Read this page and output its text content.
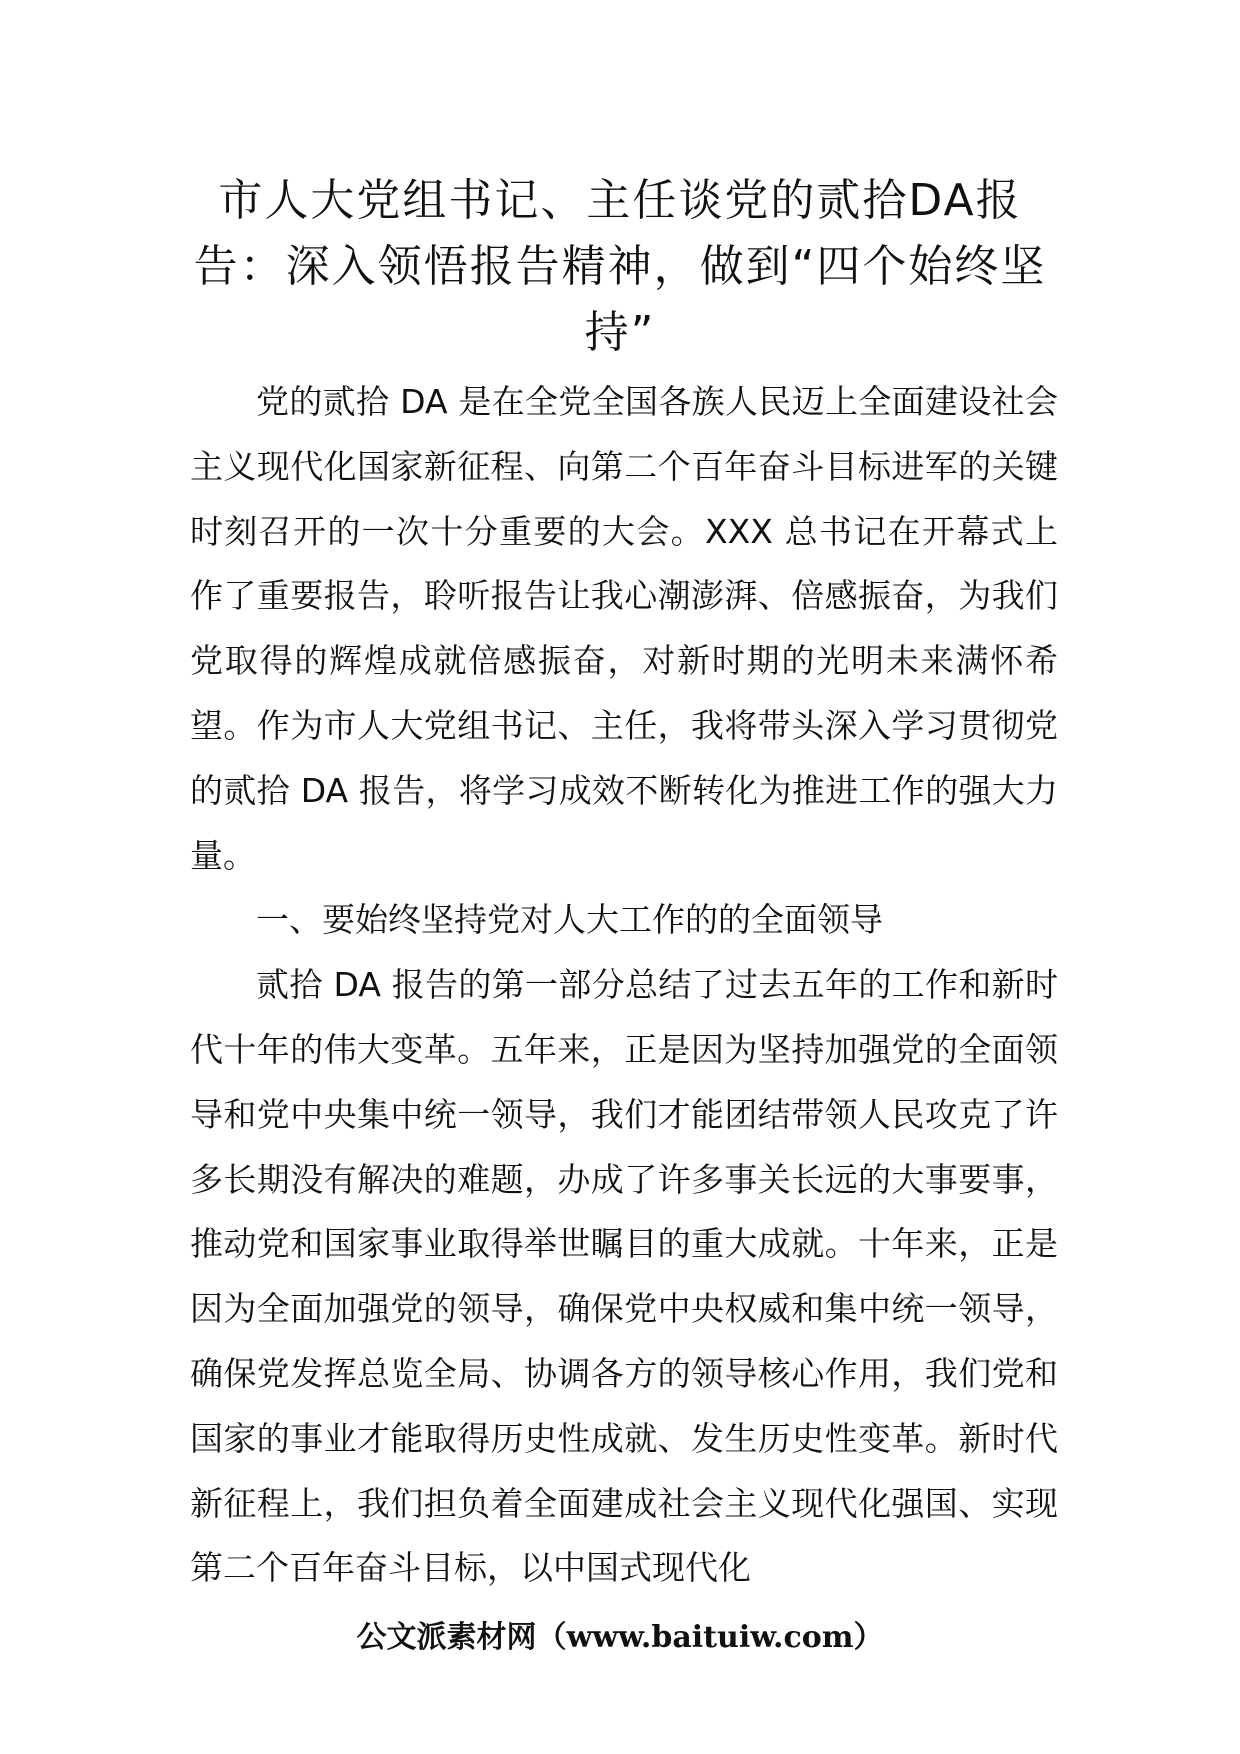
市人大党组书记、主任谈党的贰拾DA报告：深入领悟报告精神，做到“四个始终坚持”

党的贰拾 DA 是在全党全国各族人民迈上全面建设社会主义现代化国家新征程、向第二个百年奋斗目标进军的关键时刻召开的一次十分重要的大会。XXX 总书记在开幕式上作了重要报告，聆听报告让我心潮澎湃、倍感振奋，为我们党取得的辉煌成就倍感振奋，对新时期的光明未来满怀希望。作为市人大党组书记、主任，我将带头深入学习贯彻党的贰拾 DA 报告，将学习成效不断转化为推进工作的强大力量。

一、要始终坚持党对人大工作的的全面领导

贰拾 DA 报告的第一部分总结了过去五年的工作和新时代十年的伟大变革。五年来，正是因为坚持加强党的全面领导和党中央集中统一领导，我们才能团结带领人民攻克了许多长期没有解决的难题，办成了许多事关长远的大事要事，推动党和国家事业取得举世瞩目的重大成就。十年来，正是因为全面加强党的领导，确保党中央权威和集中统一领导，确保党发挥总览全局、协调各方的领导核心作用，我们党和国家的事业才能取得历史性成就、发生历史性变革。新时代新征程上，我们担负着全面建成社会主义现代化强国、实现第二个百年奋斗目标，以中国式现代化

公文派素材网（www.baituiw.com）
